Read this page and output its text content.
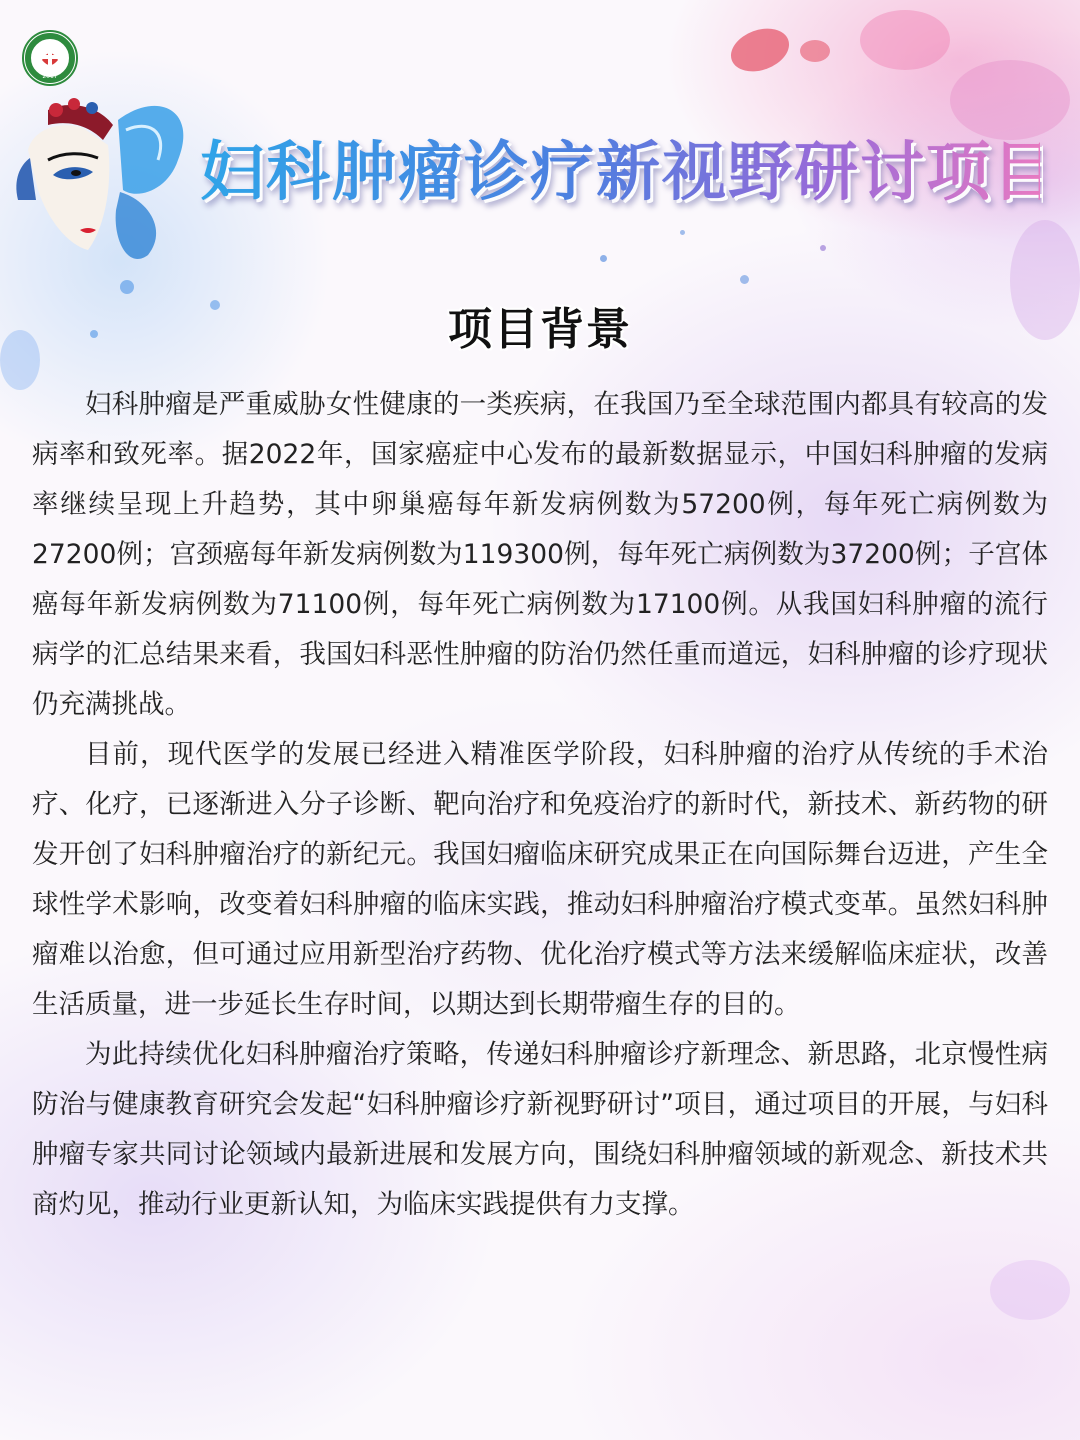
2017
妇科肿瘤诊疗新视野研讨项目
项目背景

妇科肿瘤是严重威胁女性健康的一类疾病，在我国乃至全球范围内都具有较高的发病率和致死率。据2022年，国家癌症中心发布的最新数据显示，中国妇科肿瘤的发病率继续呈现上升趋势，其中卵巢癌每年新发病例数为57200例，每年死亡病例数为27200例；宫颈癌每年新发病例数为119300例，每年死亡病例数为37200例；子宫体癌每年新发病例数为71100例，每年死亡病例数为17100例。从我国妇科肿瘤的流行病学的汇总结果来看，我国妇科恶性肿瘤的防治仍然任重而道远，妇科肿瘤的诊疗现状仍充满挑战。

目前，现代医学的发展已经进入精准医学阶段，妇科肿瘤的治疗从传统的手术治疗、化疗，已逐渐进入分子诊断、靶向治疗和免疫治疗的新时代，新技术、新药物的研发开创了妇科肿瘤治疗的新纪元。我国妇瘤临床研究成果正在向国际舞台迈进，产生全球性学术影响，改变着妇科肿瘤的临床实践，推动妇科肿瘤治疗模式变革。虽然妇科肿瘤难以治愈，但可通过应用新型治疗药物、优化治疗模式等方法来缓解临床症状，改善生活质量，进一步延长生存时间，以期达到长期带瘤生存的目的。

为此持续优化妇科肿瘤治疗策略，传递妇科肿瘤诊疗新理念、新思路，北京慢性病防治与健康教育研究会发起“妇科肿瘤诊疗新视野研讨”项目，通过项目的开展，与妇科肿瘤专家共同讨论领域内最新进展和发展方向，围绕妇科肿瘤领域的新观念、新技术共商灼见，推动行业更新认知，为临床实践提供有力支撑。
